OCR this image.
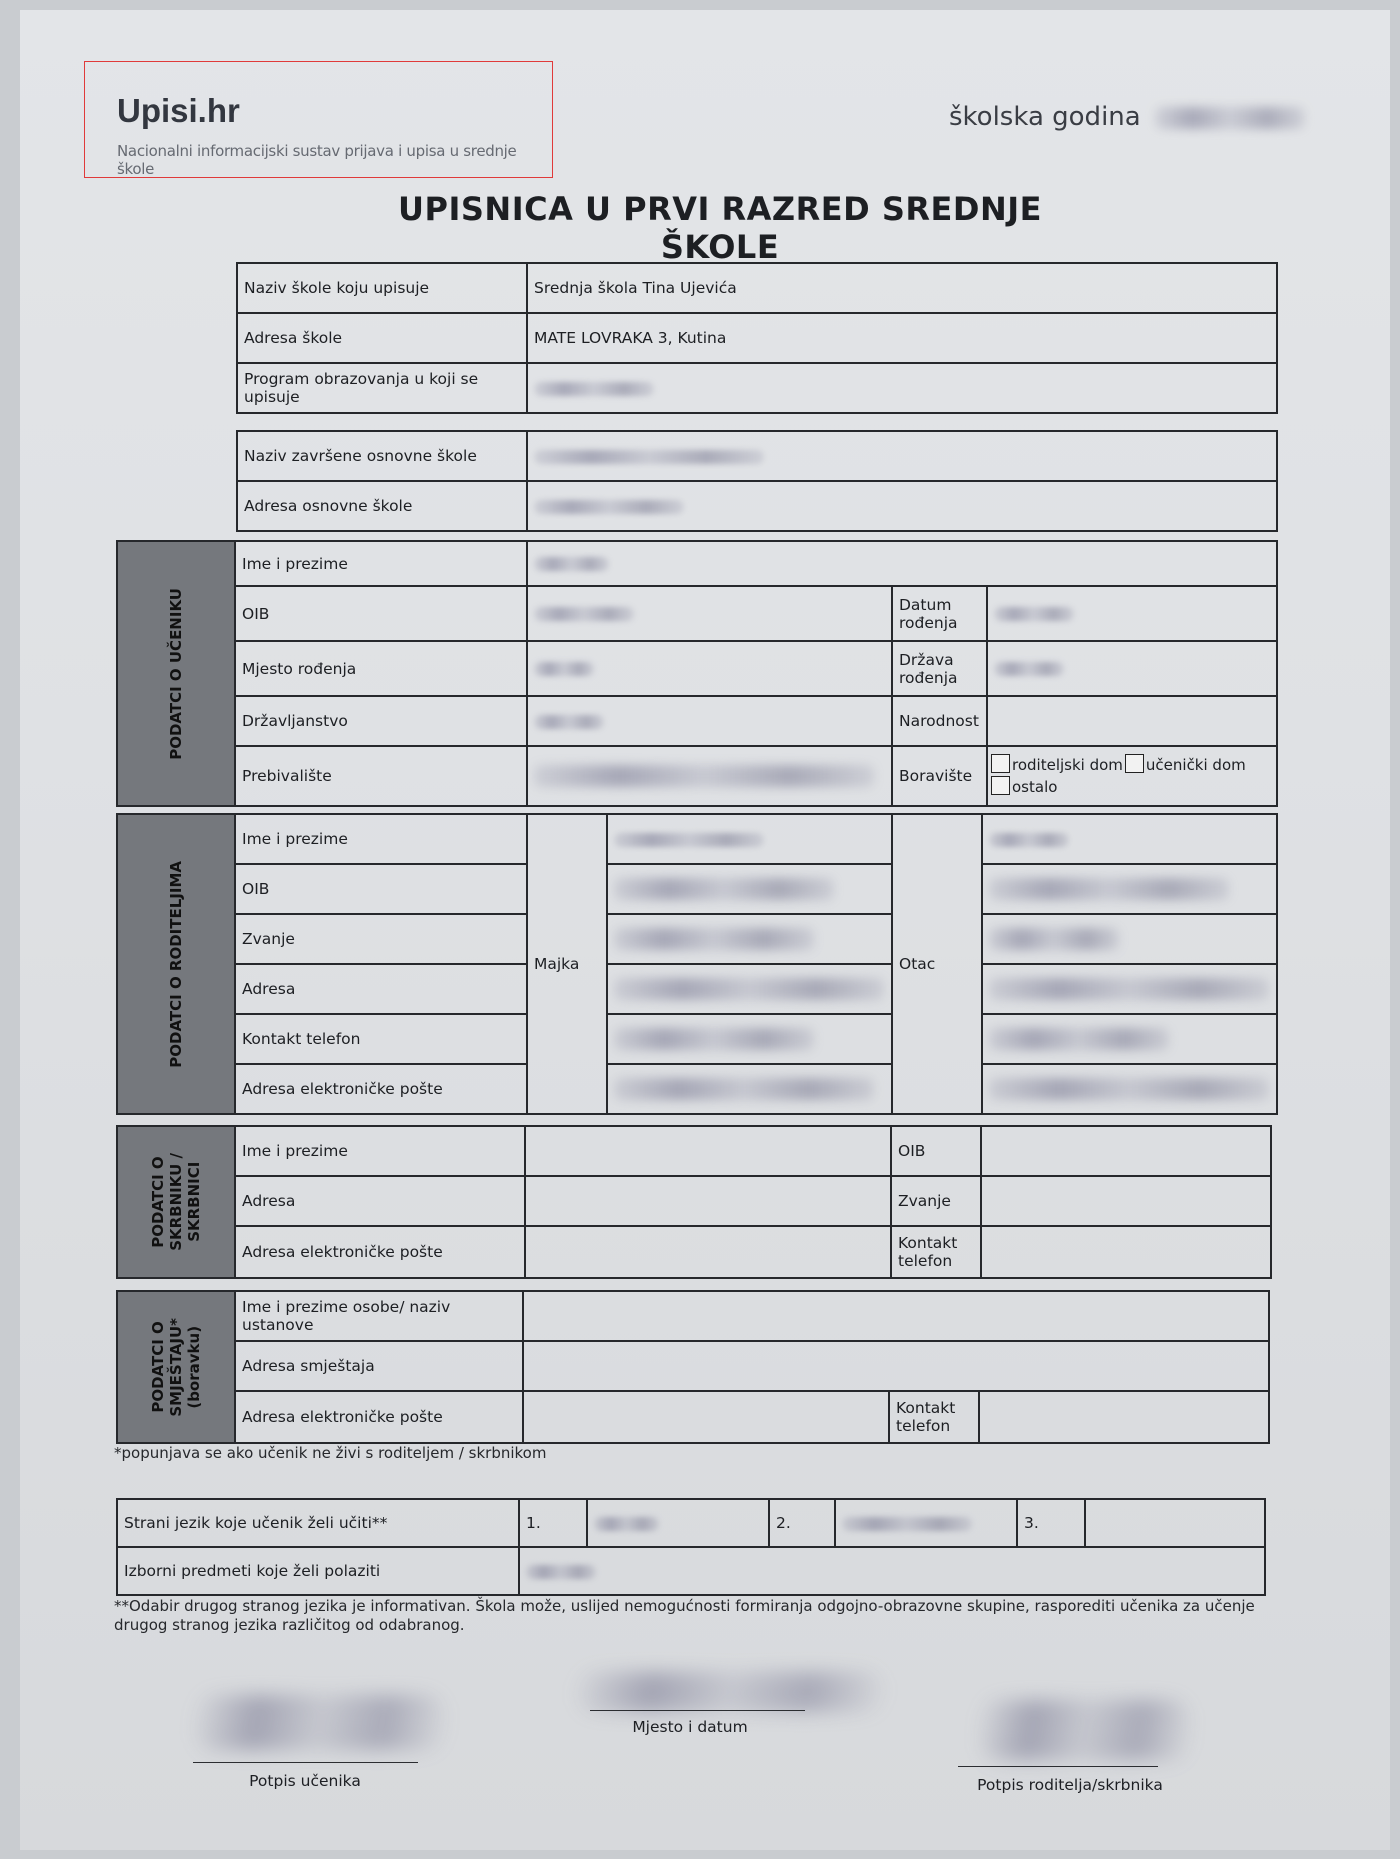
Upisi.hr
Nacionalni informacijski sustav prijava i upisa u srednje škole
školska godina
UPISNICA U PRVI RAZRED SREDNJE ŠKOLE
Naziv škole koju upisuje	Srednja škola Tina Ujevića
Adresa škole	MATE LOVRAKA 3, Kutina
Program obrazovanja u koji se upisuje	
Naziv završene osnovne škole	
Adresa osnovne škole	
PODATCI O UČENIKU	Ime i prezime			
	OIB		Datum
rođenja	
	Mjesto rođenja		Država
rođenja	
	Državljanstvo		Narodnost	
	Prebivalište		Boravište	roditeljski dom učenički dom
ostalo
PODATCI O RODITELJIMA	Ime i prezime	Majka		Otac	
	OIB				
	Zvanje				
	Adresa				
	Kontakt telefon				
	Adresa elektroničke pošte				
PODATCI O
SKRBNIKU /
SKRBNICI	Ime i prezime		OIB	
	Adresa		Zvanje	
	Adresa elektroničke pošte		Kontakt
telefon	
PODATCI O
SMJEŠTAJU*
(boravku)	Ime i prezime osobe/ naziv ustanove			
	Adresa smještaja			
	Adresa elektroničke pošte		Kontakt
telefon	
*popunjava se ako učenik ne živi s roditeljem / skrbnikom
Strani jezik koje učenik želi učiti**	1.		2.		3.	
Izborni predmeti koje želi polaziti						
**Odabir drugog stranog jezika je informativan. Škola može, uslijed nemogućnosti formiranja odgojno-obrazovne skupine, rasporediti učenika za učenje drugog stranog jezika različitog od odabranog.
Mjesto i datum
Potpis učenika	Potpis roditelja/skrbnika
